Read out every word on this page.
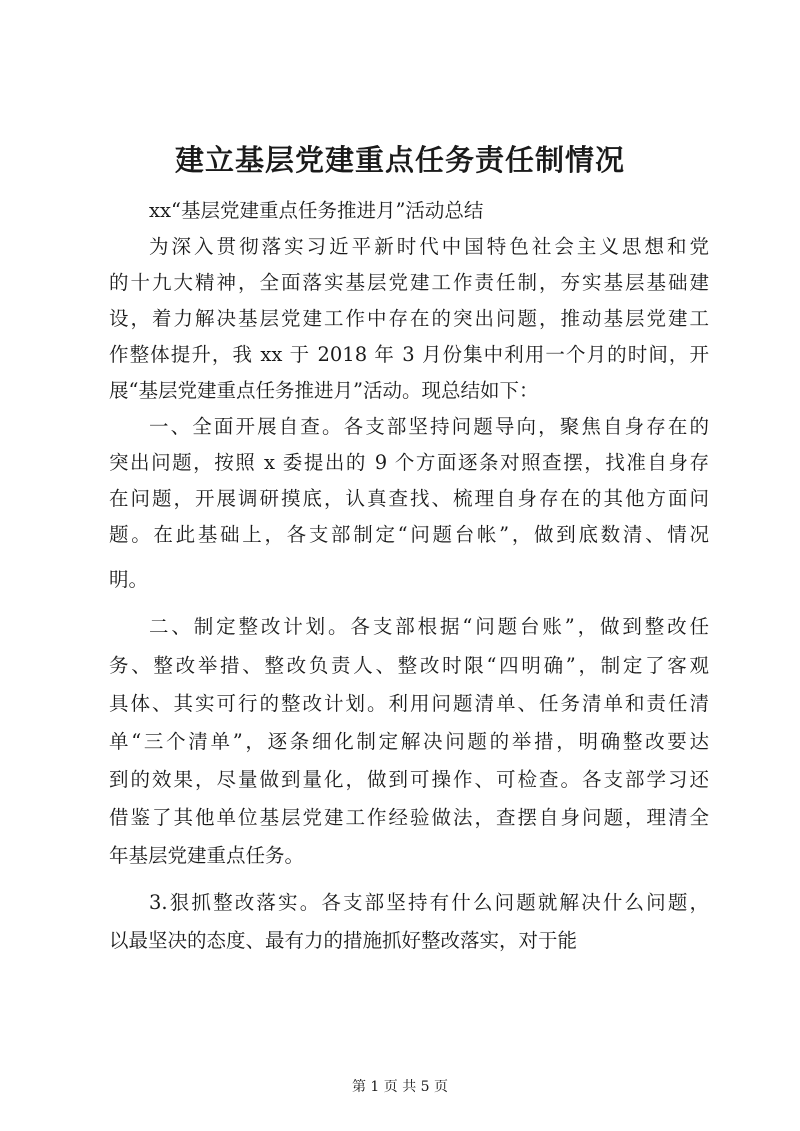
建立基层党建重点任务责任制情况

xx“基层党建重点任务推进月”活动总结

为深入贯彻落实习近平新时代中国特色社会主义思想和党

的十九大精神，全面落实基层党建工作责任制，夯实基层基础建

设，着力解决基层党建工作中存在的突出问题，推动基层党建工

作整体提升，我 xx 于 2018 年 3 月份集中利用一个月的时间，开

展“基层党建重点任务推进月”活动。现总结如下：

一、全面开展自查。各支部坚持问题导向，聚焦自身存在的

突出问题，按照 x 委提出的 9 个方面逐条对照查摆，找准自身存

在问题，开展调研摸底，认真查找、梳理自身存在的其他方面问

题。在此基础上，各支部制定“问题台帐”，做到底数清、情况

明。

二、制定整改计划。各支部根据“问题台账”，做到整改任

务、整改举措、整改负责人、整改时限“四明确”，制定了客观

具体、其实可行的整改计划。利用问题清单、任务清单和责任清

单“三个清单”，逐条细化制定解决问题的举措，明确整改要达

到的效果，尽量做到量化，做到可操作、可检查。各支部学习还

借鉴了其他单位基层党建工作经验做法，查摆自身问题，理清全

年基层党建重点任务。

3.狠抓整改落实。各支部坚持有什么问题就解决什么问题，

以最坚决的态度、最有力的措施抓好整改落实，对于能

第 1 页 共 5 页
